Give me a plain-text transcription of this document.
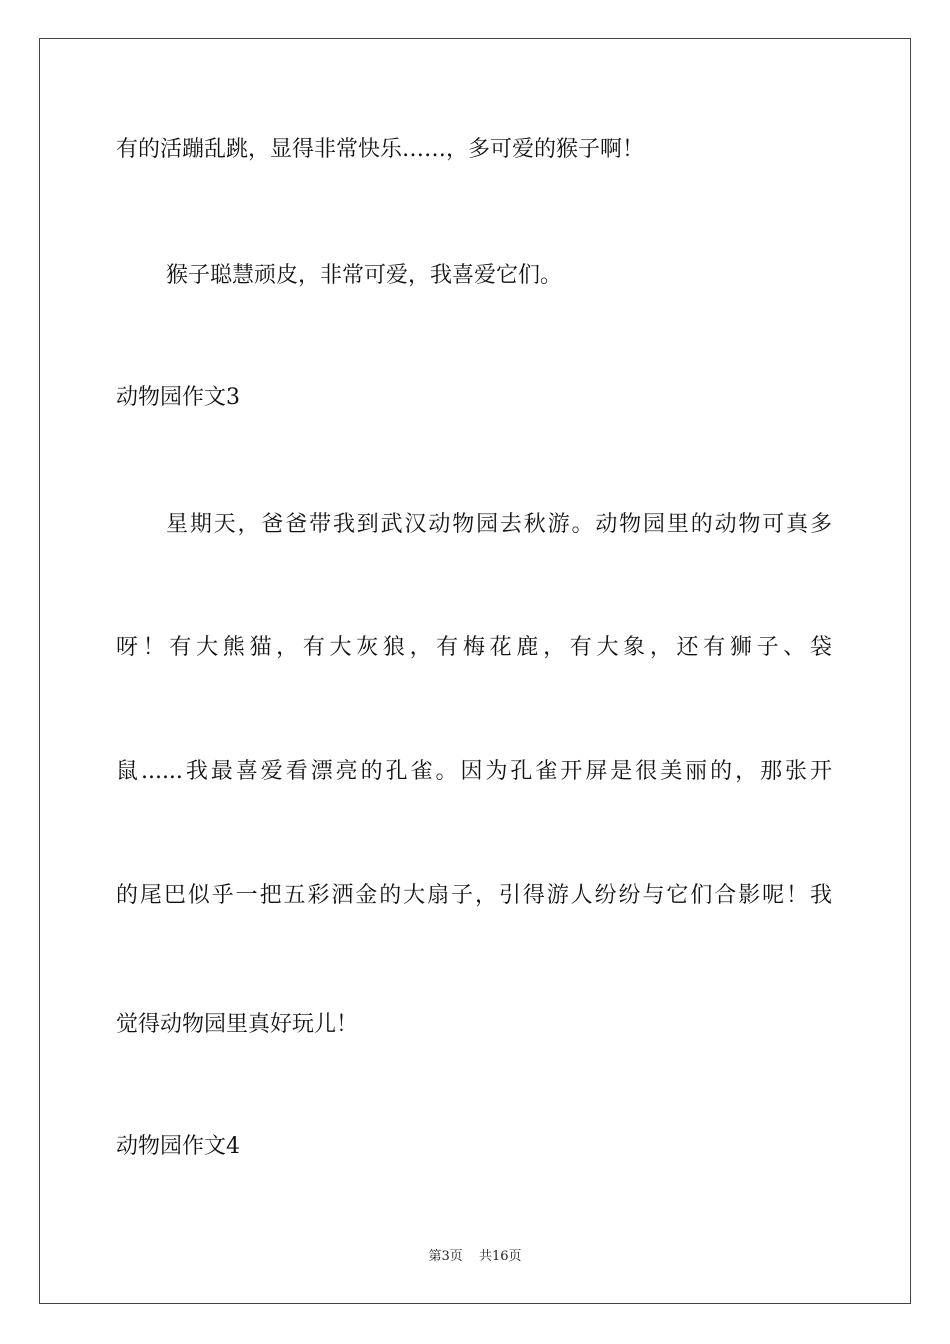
有的活蹦乱跳，显得非常快乐……，多可爱的猴子啊！
猴子聪慧顽皮，非常可爱，我喜爱它们。
动物园作文3
星期天，爸爸带我到武汉动物园去秋游。动物园里的动物可真多
呀！有大熊猫，有大灰狼，有梅花鹿，有大象，还有狮子、袋
鼠......我最喜爱看漂亮的孔雀。因为孔雀开屏是很美丽的，那张开
的尾巴似乎一把五彩洒金的大扇子，引得游人纷纷与它们合影呢！我
觉得动物园里真好玩儿！
动物园作文4
第3页 共16页
